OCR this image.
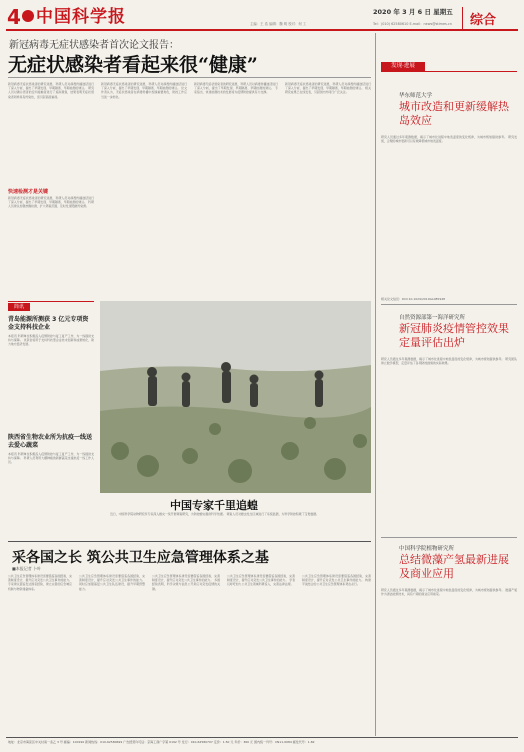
4 中国科学报	2020 年 3 月 6 日 星期五
主编：王 浩 编辑：魏 明 校对：何 工	Tel：(010) 62580610 E-mail：news@stimes.cn 综合
新冠病毒无症状感染者首次论文报告：
无症状感染者看起来很“健康”
新冠病毒无症状感染者的研究进展，科研人员对病毒传播途径进行了深入分析，提出了早期发现、早期隔离、早期检测的建议。 研究人员对确诊患者的密切接触者进行了追踪观察，结果表明无症状感染者同样具有传染性，需引起高度重视。
快速检测才是关键
新冠病毒无症状感染者的研究进展，科研人员对病毒传播途径进行了深入分析，提出了早期发现、早期隔离、早期检测的建议。 科研人员建议加强核酸检测，扩大筛查范围，及时发现隐匿传染源。
新冠病毒无症状感染者的研究进展，科研人员对病毒传播途径进行了深入分析，提出了早期发现、早期隔离、早期检测的建议。 论文作者认为，无症状感染者在病毒传播中扮演重要角色，防控工作应当进一步细化。
新冠病毒无症状感染者的研究进展，科研人员对病毒传播途径进行了深入分析，提出了早期发现、早期隔离、早期检测的建议。 专家指出，快速检测技术的发展将为疫情防控提供有力支撑。
新冠病毒无症状感染者的研究进展，科研人员对病毒传播途径进行了深入分析，提出了早期发现、早期隔离、早期检测的建议。 相关研究成果已在线发表，引起国内外同行广泛关注。
简讯
青岛能源所测获 3 亿元专项资金支持科技企业
本报讯 科研单位积极投入疫情防控与复工复产工作，为一线提供支持与保障。 该资金将用于支持科技型企业技术创新和成果转化，助力地方经济发展。
陕西省生物农业所为抗疫一线送去爱心蔬菜
本报讯 科研单位积极投入疫情防控与复工复产工作，为一线提供支持与保障。 科研人员利用大棚种植的新鲜蔬菜支援抗疫一线工作人员。
中国专家千里追蝗
近日，中国科学院动物研究所专家深入蝗灾一线开展调查研究，为防控蝗灾提供科学依据。 调查人员对蝗虫发生区域进行了系统监测，为科学防控积累了宝贵数据。
采各国之长 筑公共卫生应急管理体系之基
■本报记者 卜叶
公共卫生应急管理体系建设需要借鉴各国经验，完善制度设计，提升应对突发公共卫生事件的能力。 专家建议借鉴发达国家经验，建立完善的应急响应机制与物资储备体系。
公共卫生应急管理体系建设需要借鉴各国经验，完善制度设计，提升应对突发公共卫生事件的能力。 同时应加强基层公共卫生队伍建设，提升早期预警能力。
公共卫生应急管理体系建设需要借鉴各国经验，完善制度设计，提升应对突发公共卫生事件的能力。 多国经验表明，科学决策与信息公开是应对突发疫情的关键。
公共卫生应急管理体系建设需要借鉴各国经验，完善制度设计，提升应对突发公共卫生事件的能力。 学者们呼吁加大公共卫生领域科研投入，完善法律法规。
公共卫生应急管理体系建设需要借鉴各国经验，完善制度设计，提升应对突发公共卫生事件的能力。 构建平战结合的公共卫生应急管理体系势在必行。
发现·进展
华东师范大学
城市改造和更新缓解热岛效应
研究人员通过多年观测数据，揭示了城市化进程中地表温度的变化规律，为城市规划提供参考。 研究发现，合理的城市更新可以有效降低城市地表温度。
相关论文信息：DOI:10.1029/2019GL085948
自然资源部第一海洋研究所
新冠肺炎疫情管控效果定量评估出炉
研究人员通过多年观测数据，揭示了城市化进程中地表温度的变化规律，为城市规划提供参考。 研究团队建立数学模型，定量评估了各项防控措施的实际效果。
中国科学院植物研究所
总结微藻产氢最新进展及商业应用
研究人员通过多年观测数据，揭示了城市化进程中地表温度的变化规律，为城市规划提供参考。 微藻产氢作为清洁能源技术，具有广阔的商业应用前景。
地址：北京市海淀区中关村南一条乙 3 号 邮编：100190 新闻热线：010-62580699 广告经营许可证：京海工商广字第 0192 号 发行：010-62580707 定价：1.50 元 年价：360 元 国内统一刊号：CN11-0084 邮发代号：1-82
